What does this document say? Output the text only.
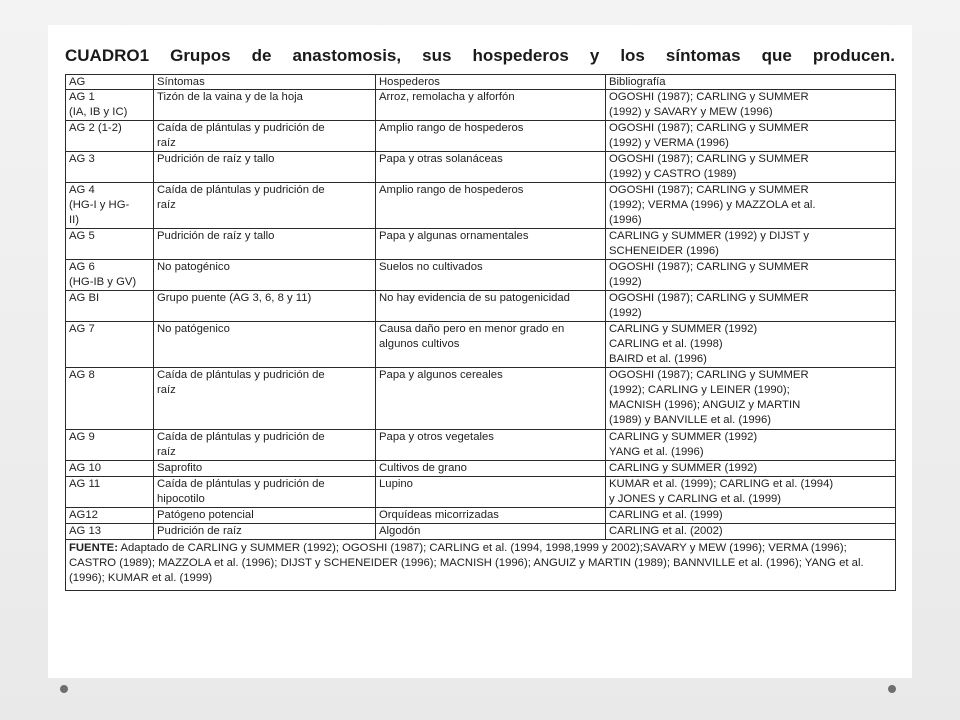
CUADRO1 Grupos de anastomosis, sus hospederos y los síntomas que producen.
AG	Síntomas	Hospederos	Bibliografía

AG 1
(IA, IB y IC)	Tizón de la vaina y de la hoja	Arroz, remolacha y alforfón	OGOSHI (1987); CARLING y SUMMER
(1992) y SAVARY y MEW (1996)

AG 2 (1-2)	Caída de plántulas y pudrición de
raíz	Amplio rango de hospederos	OGOSHI (1987); CARLING y SUMMER
(1992) y VERMA (1996)

AG 3	Pudrición de raíz y tallo	Papa y otras solanáceas	OGOSHI (1987); CARLING y SUMMER
(1992) y CASTRO (1989)

AG 4
(HG-I y HG-
II)	Caída de plántulas y pudrición de
raíz	Amplio rango de hospederos	OGOSHI (1987); CARLING y SUMMER
(1992); VERMA (1996) y MAZZOLA et al.
(1996)

AG 5	Pudrición de raíz y tallo	Papa y algunas ornamentales	CARLING y SUMMER (1992) y DIJST y
SCHENEIDER (1996)

AG 6
(HG-IB y GV)	No patogénico	Suelos no cultivados	OGOSHI (1987); CARLING y SUMMER
(1992)

AG BI	Grupo puente (AG 3, 6, 8 y 11)	No hay evidencia de su patogenicidad	OGOSHI (1987); CARLING y SUMMER
(1992)

AG 7	No patógenico	Causa daño pero en menor grado en
algunos cultivos	CARLING y SUMMER (1992)
CARLING et al. (1998)
BAIRD et al. (1996)

AG 8	Caída de plántulas y pudrición de
raíz	Papa y algunos cereales	OGOSHI (1987); CARLING y SUMMER
(1992); CARLING y LEINER (1990);
MACNISH (1996); ANGUIZ y MARTIN
(1989) y BANVILLE et al. (1996)

AG 9	Caída de plántulas y pudrición de
raíz	Papa y otros vegetales	CARLING y SUMMER (1992)
YANG et al. (1996)

AG 10	Saprofito	Cultivos de grano	CARLING y SUMMER (1992)

AG 11	Caída de plántulas y pudrición de
hipocotilo	Lupino	KUMAR et al. (1999); CARLING et al. (1994)
y JONES y CARLING et al. (1999)

AG12	Patógeno potencial	Orquídeas micorrizadas	CARLING et al. (1999)

AG 13	Pudrición de raíz	Algodón	CARLING et al. (2002)

FUENTE: Adaptado de CARLING y SUMMER (1992); OGOSHI (1987); CARLING et al. (1994, 1998,1999 y 2002);SAVARY y MEW (1996); VERMA (1996); CASTRO (1989); MAZZOLA et al. (1996); DIJST y SCHENEIDER (1996); MACNISH (1996); ANGUIZ y MARTIN (1989); BANNVILLE et al. (1996); YANG et al. (1996); KUMAR et al. (1999)			
